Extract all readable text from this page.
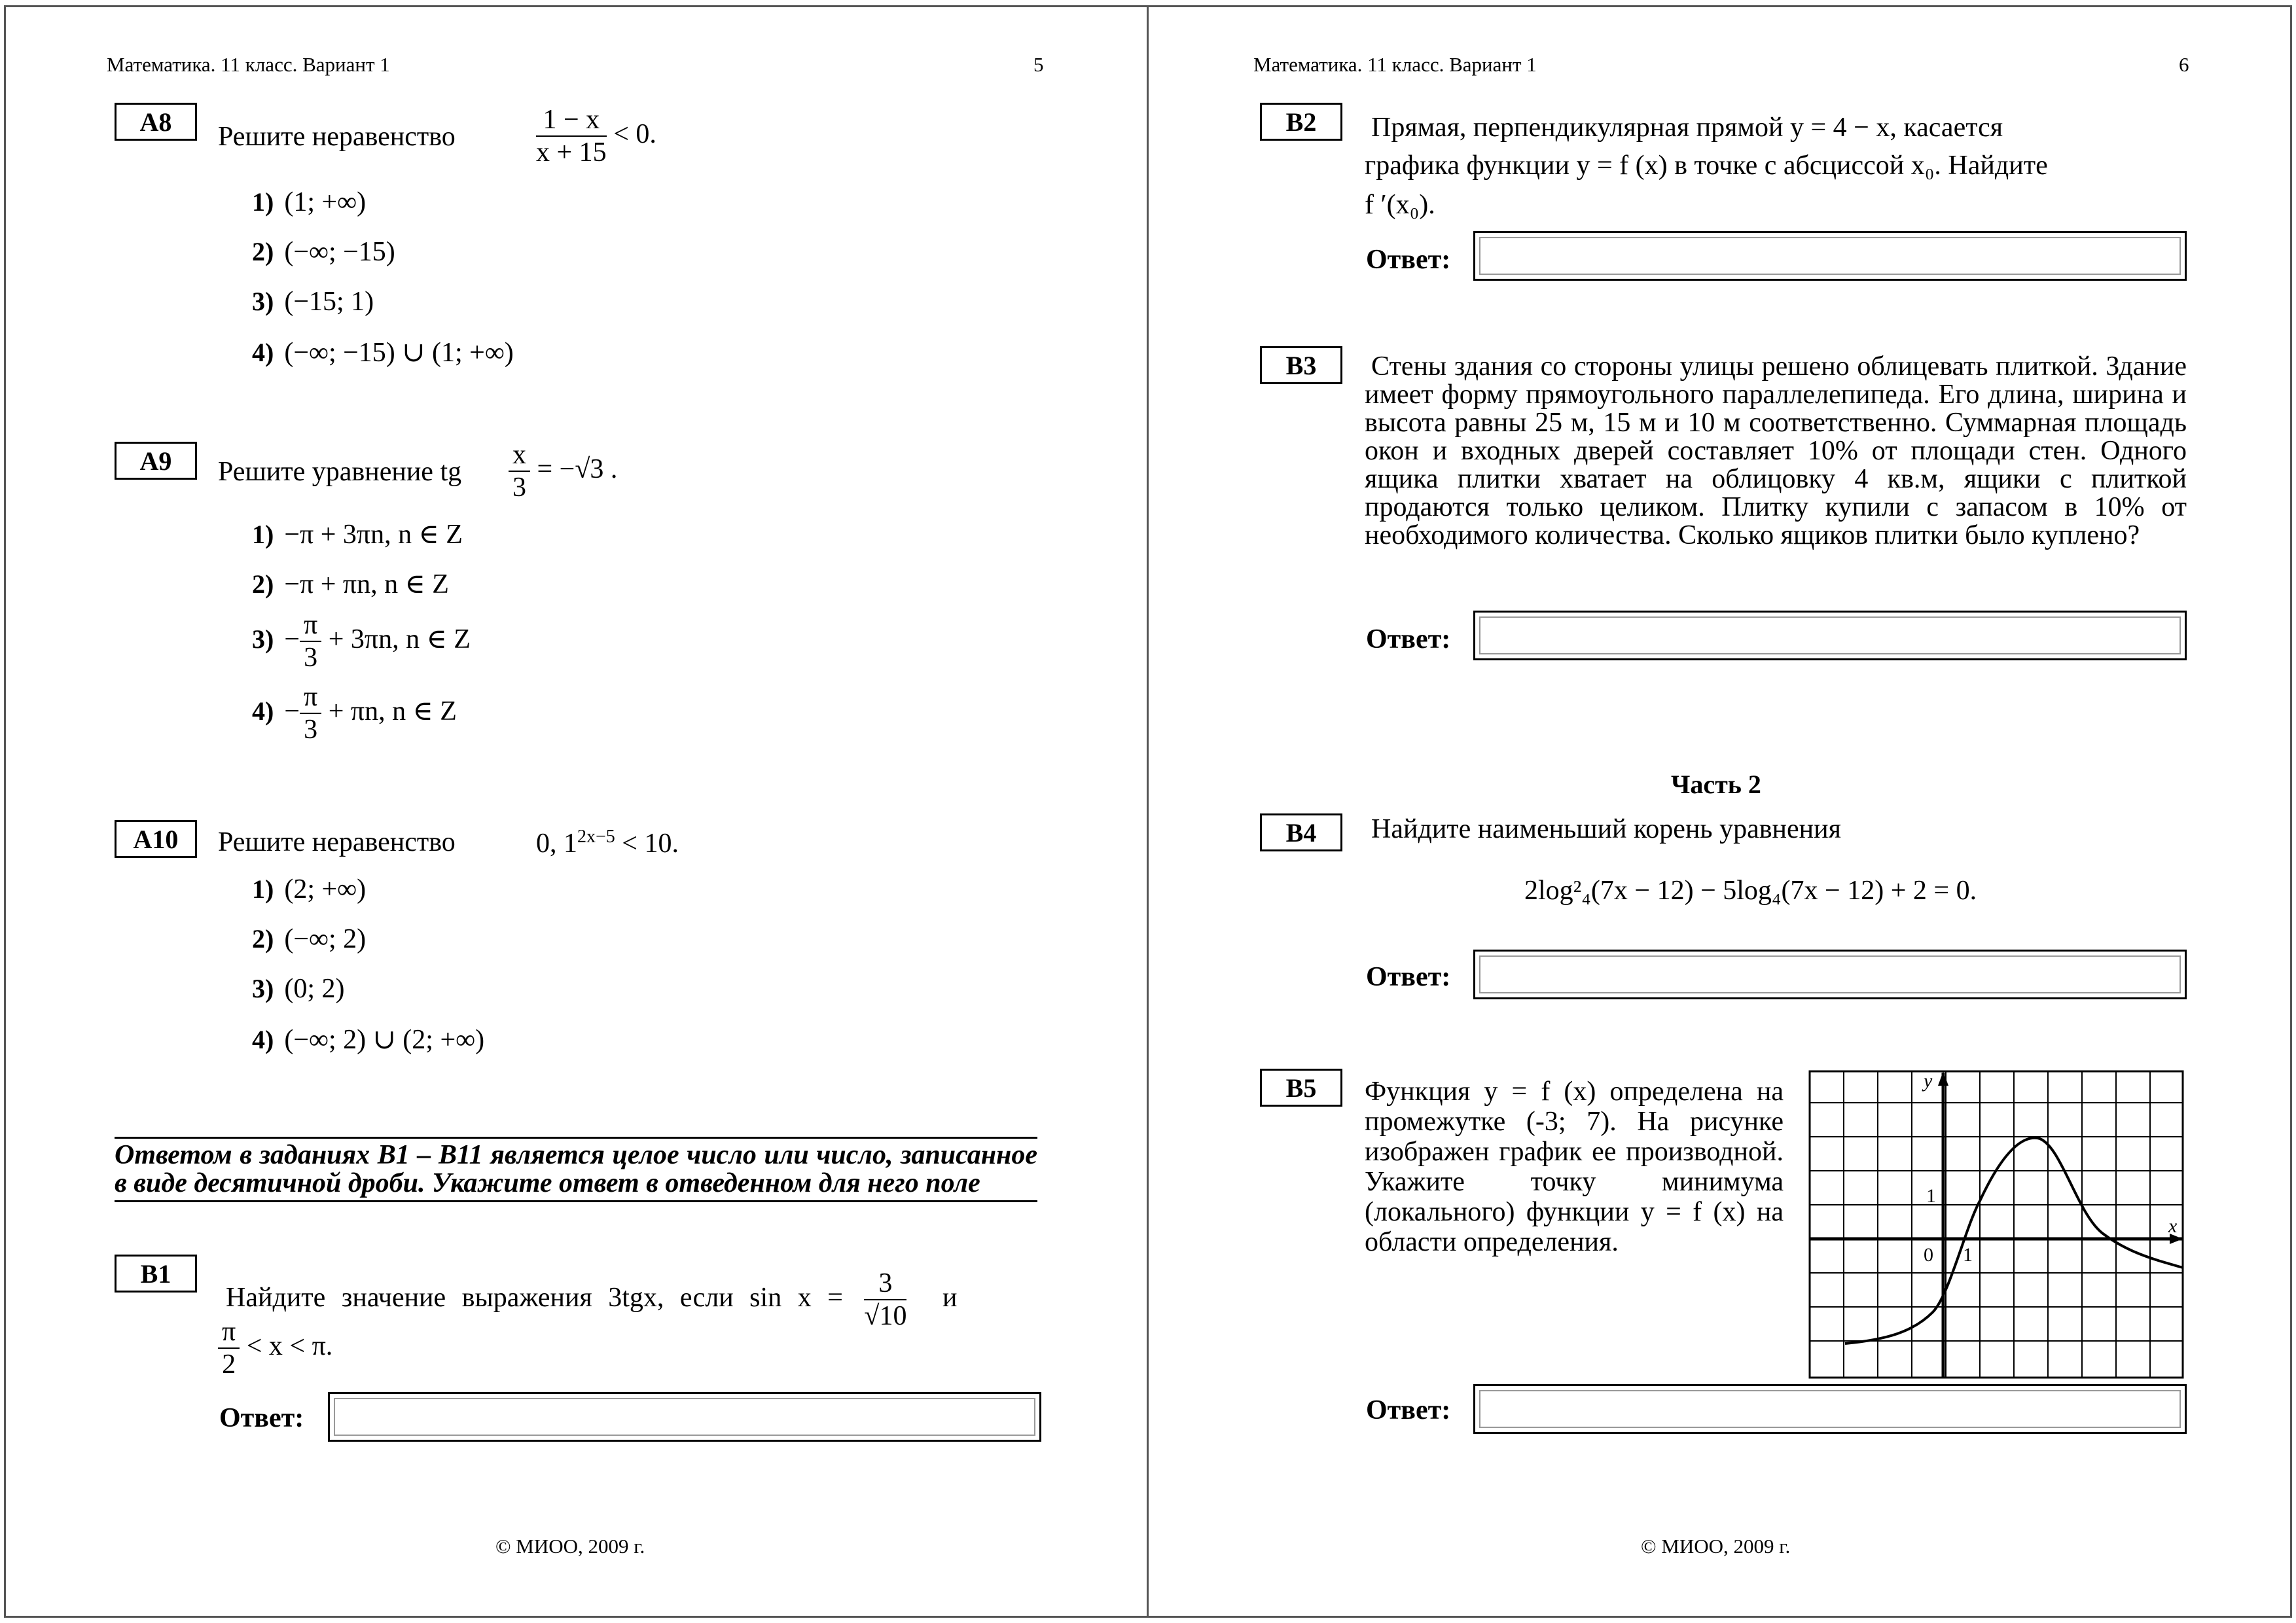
Математика. 11 класс. Вариант 1	5
А8	Решите неравенство	$\frac{1 - x}{x + 15} < 0$.
1) (1; +∞)
2) (−∞; −15)
3) (−15; 1)
4) (−∞; −15) ∪ (1; +∞)
А9	Решите уравнение tg $\frac{x}{3} = -√3$ .
1) −π + 3πn, n ∈ Z
2) −π + πn, n ∈ Z
$3) - \frac{\pi}{3} + 3\pi n$, n ∈ Z
$4) - \frac{\pi}{3} + \pi n$, n ∈ Z
А10	Решите неравенство	0, $1^{2x-5} < 10$.
1) (2; +∞)
2) (−∞; 2)
3) (0; 2)
4) (−∞; 2) ∪ (2; +∞)
Ответом в заданиях В1 – В11 является целое число или число, записанное в виде десятичной дроби. Укажите ответ в отведенном для него поле
В1
Найдите значение выражения 3tgx, если $\sin x = \frac{3}{√10}$ и
$\frac{\pi}{2} < x < \pi$.
Ответ:
© МИОО, 2009 г.
Математика. 11 класс. Вариант 1	6
В2	Прямая, перпендикулярная прямой y = 4 − x, касается
графика функции y = f (x) в точке с абсциссой x₀. Найдите
f ′(x₀).
Ответ:
В3	Стены здания со стороны улицы решено облицевать плиткой. Здание имеет форму прямоугольного параллелепипеда. Его длина, ширина и высота равны 25 м, 15 м и 10 м соответственно. Суммарная площадь окон и входных дверей составляет 10% от площади стен. Одного ящика плитки хватает на облицовку 4 кв.м, ящики с плиткой продаются только целиком. Плитку купили с запасом в 10% от необходимого количества. Сколько ящиков плитки было куплено?
Ответ:
Часть 2
В4	Найдите наименьший корень уравнения
2log²₄(7x − 12) − 5log₄(7x − 12) + 2 = 0.
Ответ:
В5	Функция y = f (x) определена на промежутке (-3; 7). На рисунке изображен график ее производной. Укажите точку минимума (локального) функции y = f (x) на области определения.
y
x
0 1
1
Ответ:
© МИОО, 2009 г.
